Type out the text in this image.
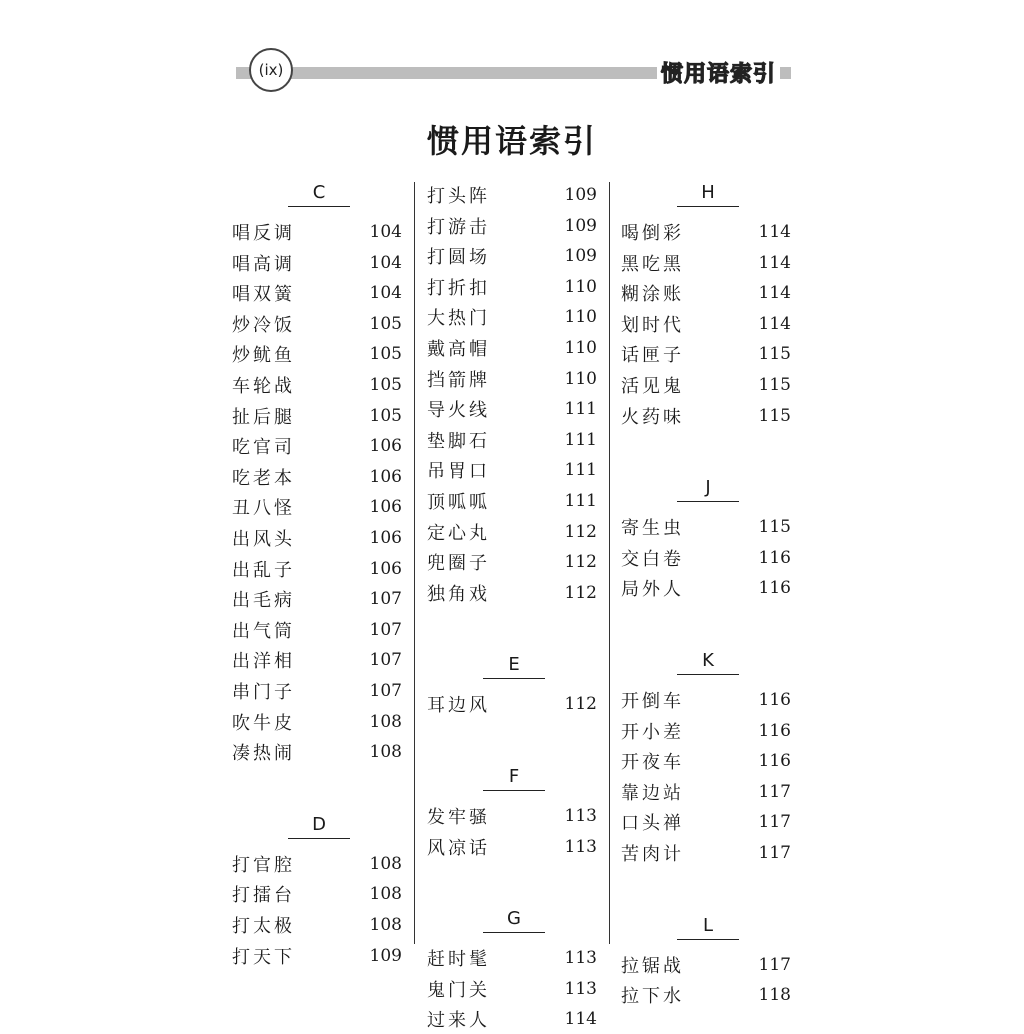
(ix)	惯用语索引
惯用语索引
C
唱反调	104
唱高调	104
唱双簧	104
炒冷饭	105
炒鱿鱼	105
车轮战	105
扯后腿	105
吃官司	106
吃老本	106
丑八怪	106
出风头	106
出乱子	106
出毛病	107
出气筒	107
出洋相	107
串门子	107
吹牛皮	108
凑热闹	108
D
打官腔	108
打擂台	108
打太极	108
打天下	109
打头阵	109
打游击	109
打圆场	109
打折扣	110
大热门	110
戴高帽	110
挡箭牌	110
导火线	111
垫脚石	111
吊胃口	111
顶呱呱	111
定心丸	112
兜圈子	112
独角戏	112
E
耳边风	112
F
发牢骚	113
风凉话	113
G
赶时髦	113
鬼门关	113
过来人	114
H
喝倒彩	114
黑吃黑	114
糊涂账	114
划时代	114
话匣子	115
活见鬼	115
火药味	115
J
寄生虫	115
交白卷	116
局外人	116
K
开倒车	116
开小差	116
开夜车	116
靠边站	117
口头禅	117
苦肉计	117
L
拉锯战	117
拉下水	118
